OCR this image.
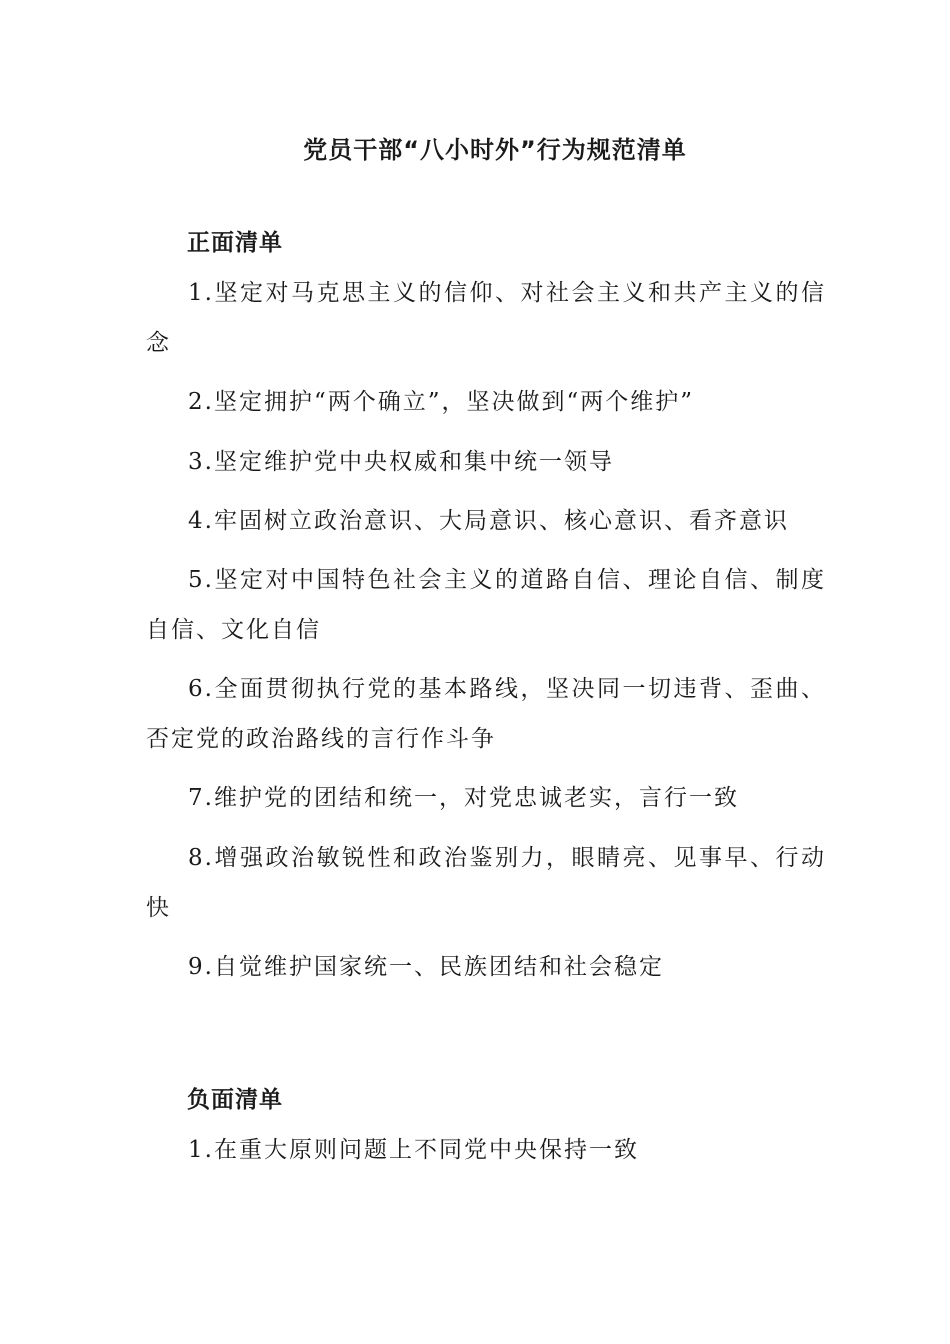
党员干部“八小时外”行为规范清单
正面清单

1.坚定对马克思主义的信仰、对社会主义和共产主义的信念

2.坚定拥护“两个确立”，坚决做到“两个维护”

3.坚定维护党中央权威和集中统一领导

4.牢固树立政治意识、大局意识、核心意识、看齐意识

5.坚定对中国特色社会主义的道路自信、理论自信、制度自信、文化自信

6.全面贯彻执行党的基本路线，坚决同一切违背、歪曲、否定党的政治路线的言行作斗争

7.维护党的团结和统一，对党忠诚老实，言行一致

8.增强政治敏锐性和政治鉴别力，眼睛亮、见事早、行动快

9.自觉维护国家统一、民族团结和社会稳定

负面清单

1.在重大原则问题上不同党中央保持一致
